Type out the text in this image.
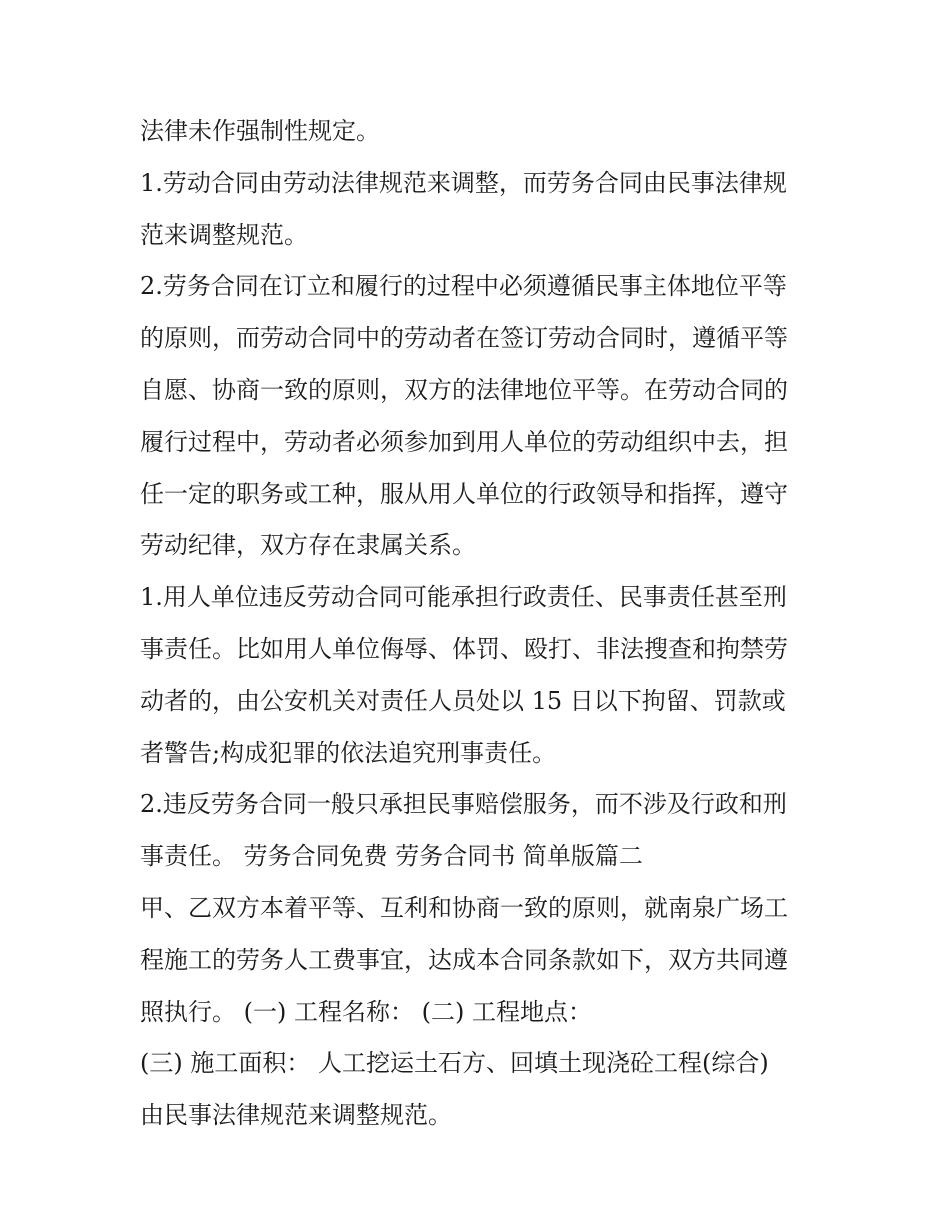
法律未作强制性规定。

1.劳动合同由劳动法律规范来调整，而劳务合同由民事法律规

范来调整规范。

2.劳务合同在订立和履行的过程中必须遵循民事主体地位平等

的原则，而劳动合同中的劳动者在签订劳动合同时，遵循平等

自愿、协商一致的原则，双方的法律地位平等。在劳动合同的

履行过程中，劳动者必须参加到用人单位的劳动组织中去，担

任一定的职务或工种，服从用人单位的行政领导和指挥，遵守

劳动纪律，双方存在隶属关系。

1.用人单位违反劳动合同可能承担行政责任、民事责任甚至刑

事责任。比如用人单位侮辱、体罚、殴打、非法搜查和拘禁劳

动者的，由公安机关对责任人员处以 15 日以下拘留、罚款或

者警告;构成犯罪的依法追究刑事责任。

2.违反劳务合同一般只承担民事赔偿服务，而不涉及行政和刑

事责任。 劳务合同免费 劳务合同书 简单版篇二

甲、乙双方本着平等、互利和协商一致的原则，就南泉广场工

程施工的劳务人工费事宜，达成本合同条款如下，双方共同遵

照执行。 (一) 工程名称： (二) 工程地点：

(三) 施工面积： 人工挖运土石方、回填土现浇砼工程(综合)

由民事法律规范来调整规范。
